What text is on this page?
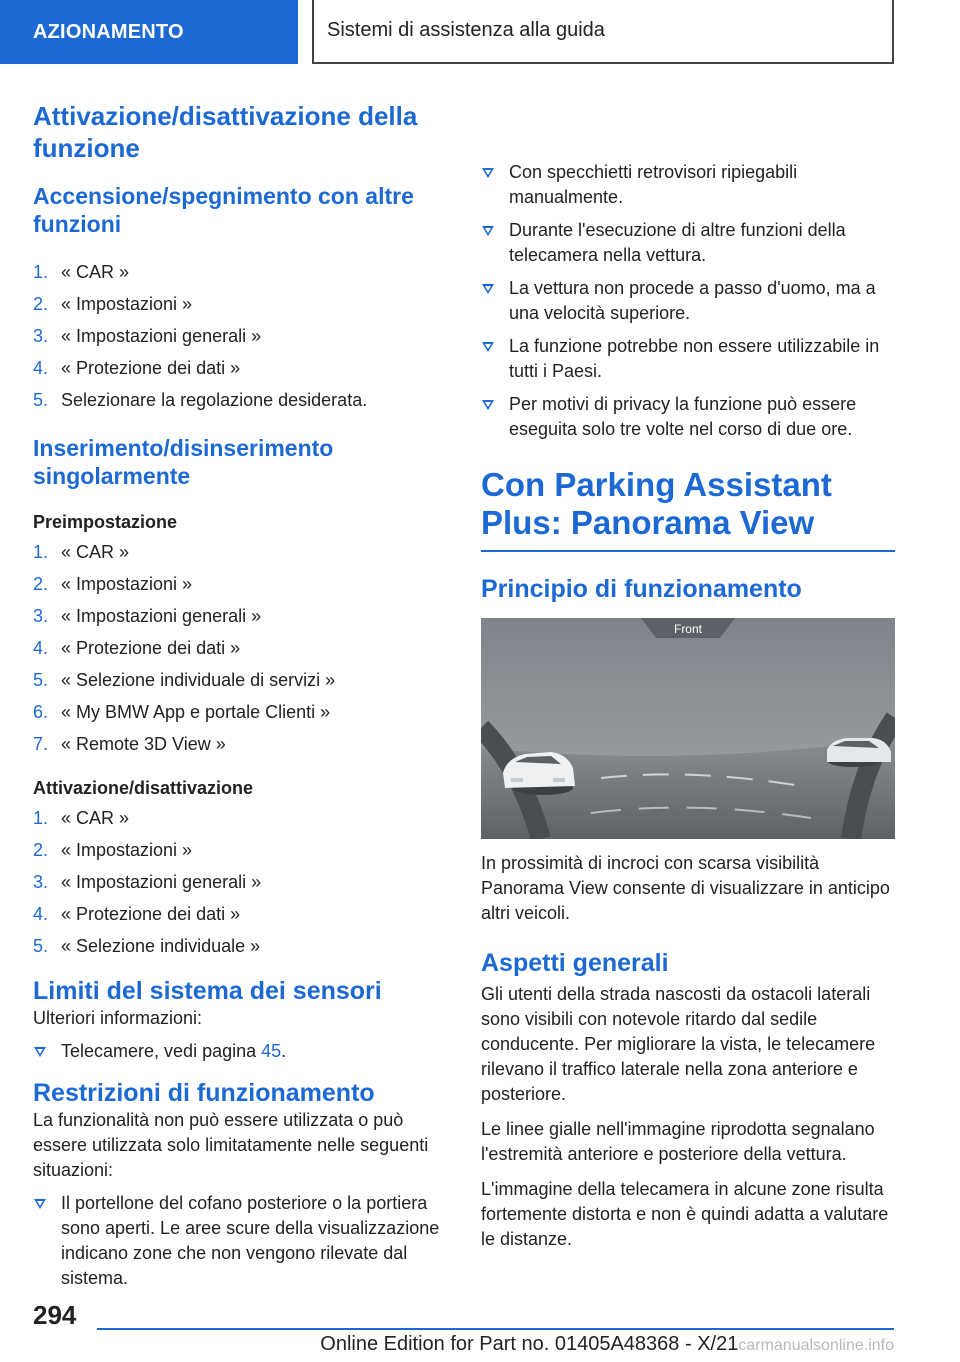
AZIONAMENTO	Sistemi di assistenza alla guida
Attivazione/disattivazione della funzione
Accensione/spegnimento con altre funzioni
1. « CAR »
2. « Impostazioni »
3. « Impostazioni generali »
4. « Protezione dei dati »
5. Selezionare la regolazione desiderata.
Inserimento/disinserimento singolarmente
Preimpostazione
1. « CAR »
2. « Impostazioni »
3. « Impostazioni generali »
4. « Protezione dei dati »
5. « Selezione individuale di servizi »
6. « My BMW App e portale Clienti »
7. « Remote 3D View »
Attivazione/disattivazione
1. « CAR »
2. « Impostazioni »
3. « Impostazioni generali »
4. « Protezione dei dati »
5. « Selezione individuale »
Limiti del sistema dei sensori

Ulteriori informazioni:

Telecamere, vedi pagina 45.
Restrizioni di funzionamento

La funzionalità non può essere utilizzata o può essere utilizzata solo limitatamente nelle seguenti situazioni:

Il portellone del cofano posteriore o la portiera sono aperti. Le aree scure della visualizzazione indicano zone che non vengono rilevate dal sistema.
Con specchietti retrovisori ripiegabili manualmente.
Durante l'esecuzione di altre funzioni della telecamera nella vettura.
La vettura non procede a passo d'uomo, ma a una velocità superiore.
La funzione potrebbe non essere utilizzabile in tutti i Paesi.
Per motivi di privacy la funzione può essere eseguita solo tre volte nel corso di due ore.
Con Parking Assistant Plus: Panorama View
Principio di funzionamento
Front

In prossimità di incroci con scarsa visibilità Panorama View consente di visualizzare in anticipo altri veicoli.

Aspetti generali

Gli utenti della strada nascosti da ostacoli laterali sono visibili con notevole ritardo dal sedile conducente. Per migliorare la vista, le telecamere rilevano il traffico laterale nella zona anteriore e posteriore.

Le linee gialle nell'immagine riprodotta segnalano l'estremità anteriore e posteriore della vettura.

L'immagine della telecamera in alcune zone risulta fortemente distorta e non è quindi adatta a valutare le distanze.

294
Online Edition for Part no. 01405A48368 - X/21carmanualsonline.info
